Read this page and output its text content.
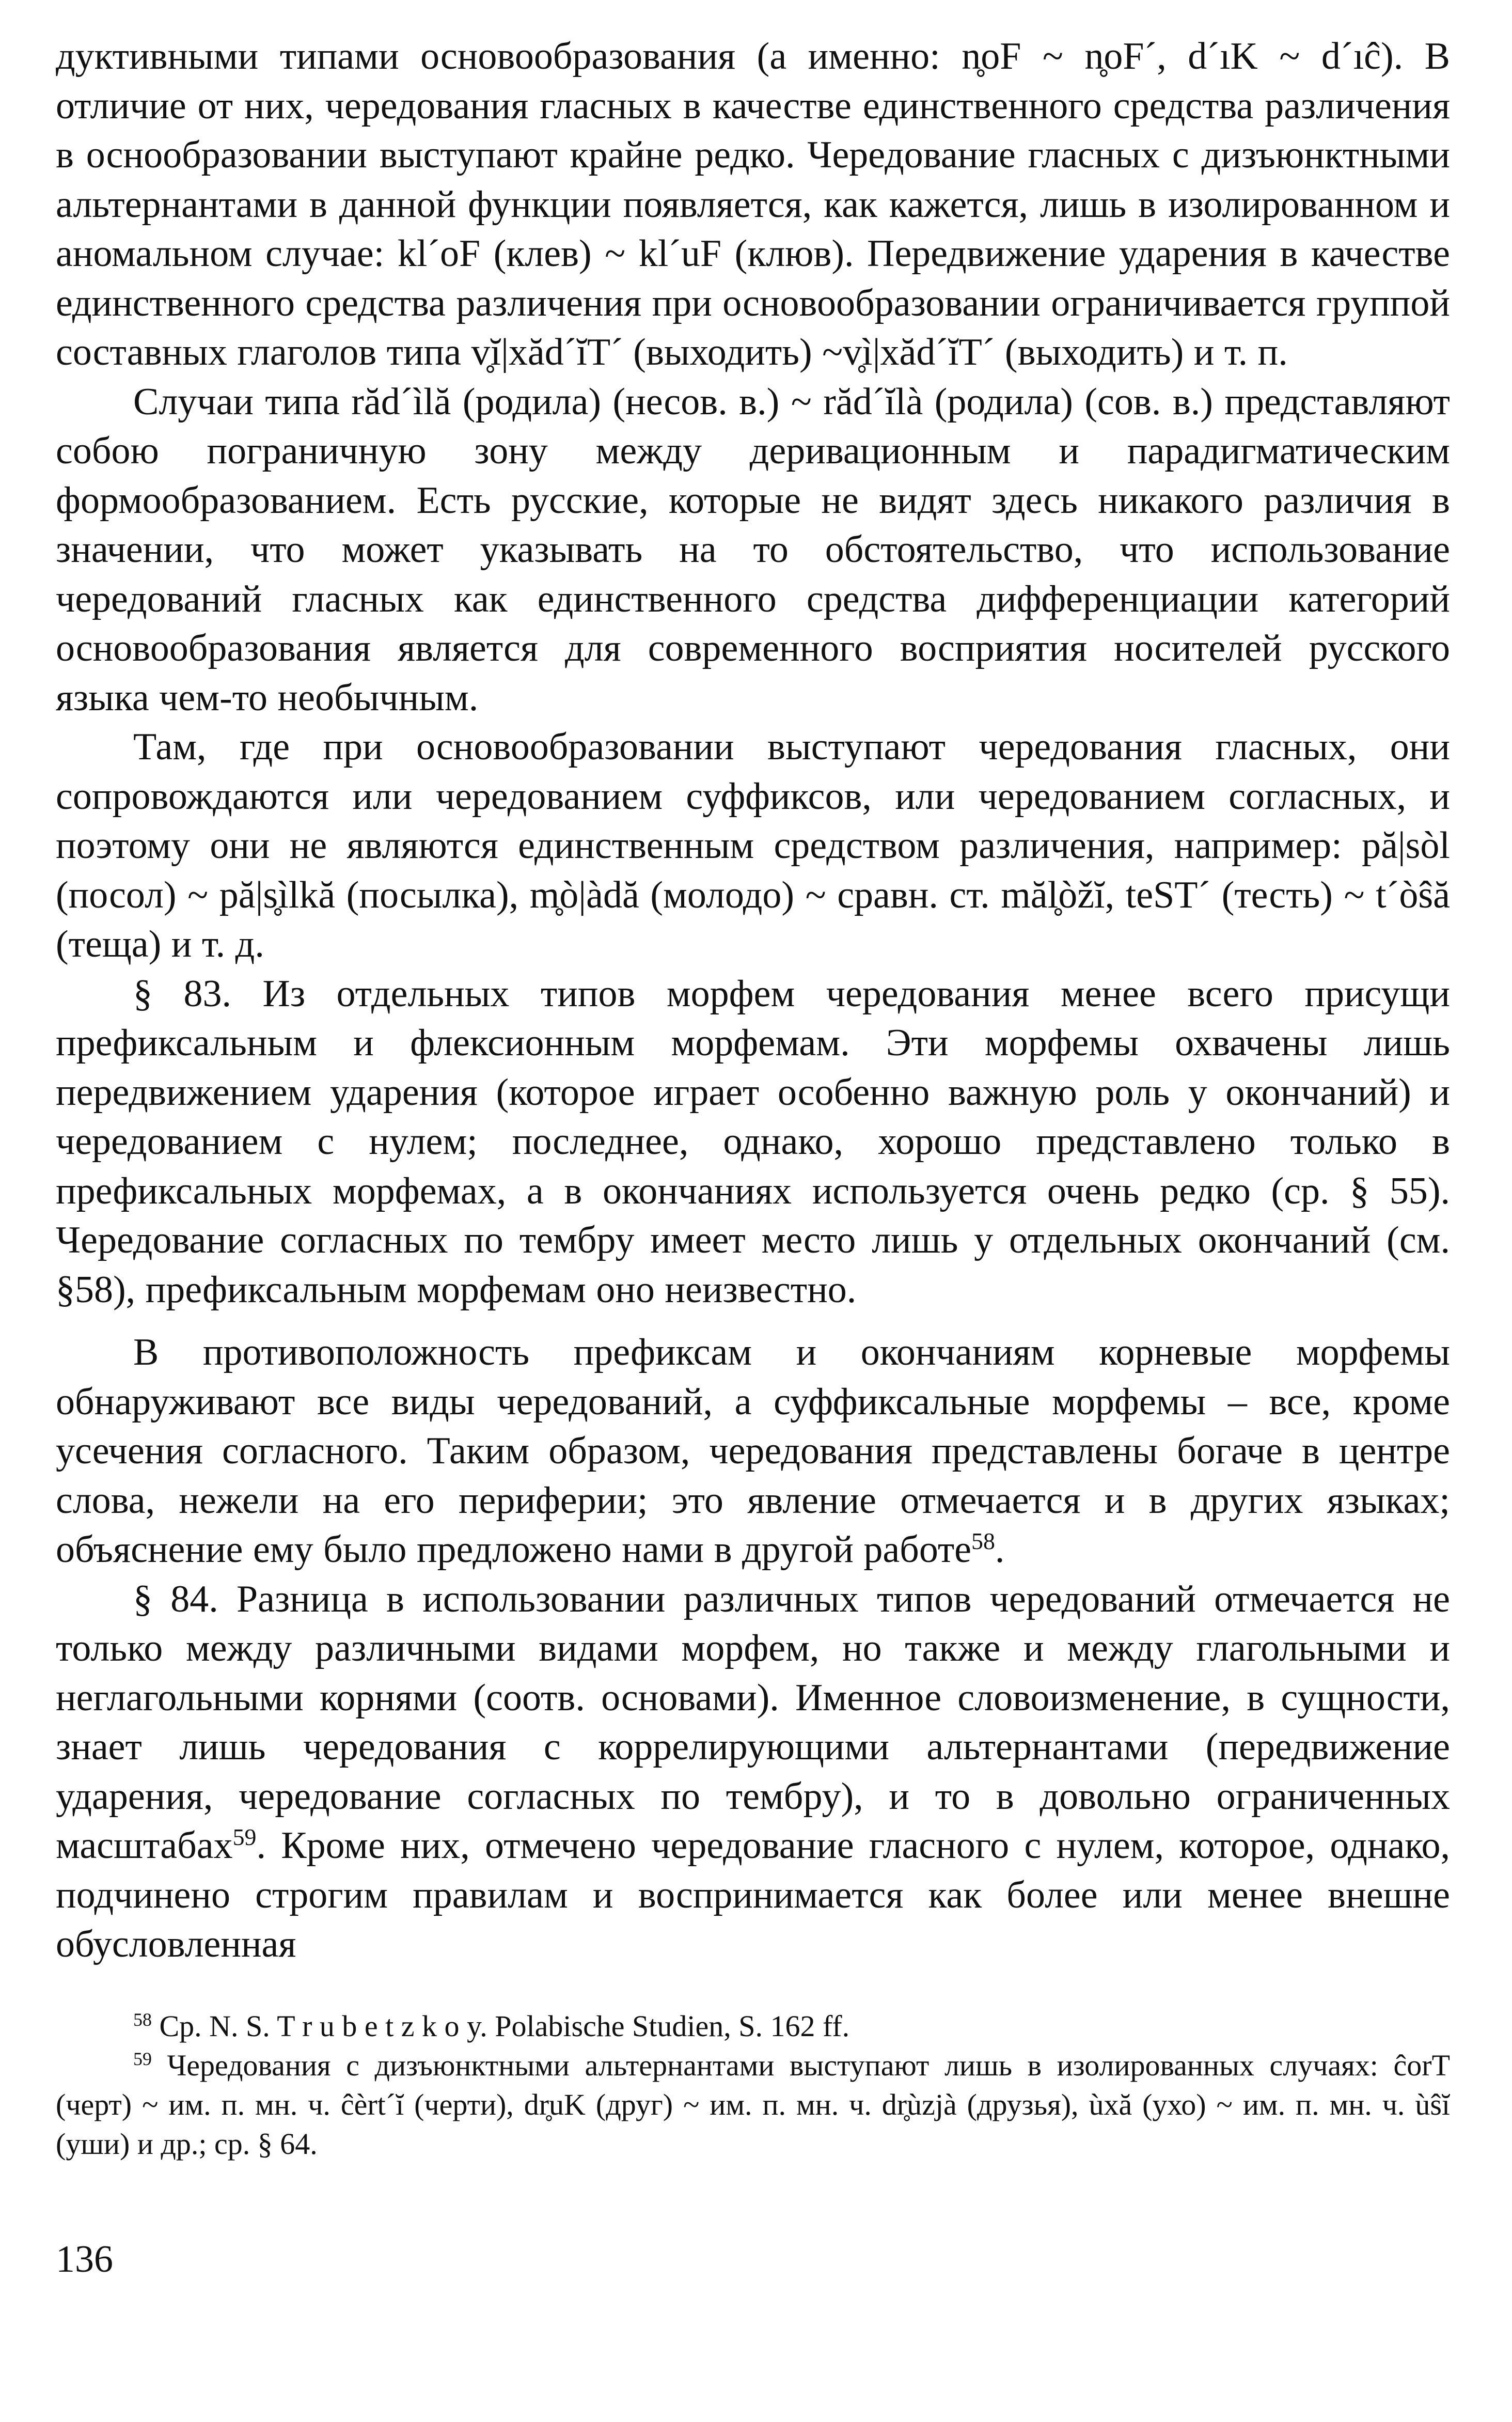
дуктивными типами основообразования (а именно: n̥oF ~ n̥oF´, d´ıK ~ d´ıĉ). В отличие от них, чередования гласных в качестве единственного средства различения в оснообразовании выступают крайне редко. Чередование гласных с дизъюнктными альтернантами в данной функции появляется, как кажется, лишь в изолированном и аномальном случае: kl´oF (клев) ~ kl´uF (клюв). Передвижение ударения в качестве единственного средства различения при основообразовании ограничивается группой составных глаголов типа v̥ĭ|xăd´ĭT´ (выходить) ~v̥ì|xăd´ĭT´ (выходить) и т. п.

Случаи типа răd´ìlă (родила) (несов. в.) ~ răd´ĭlà (родила) (сов. в.) представляют собою пограничную зону между деривационным и парадигматическим формообразованием. Есть русские, которые не видят здесь никакого различия в значении, что может указывать на то обстоятельство, что использование чередований гласных как единственного средства дифференциации категорий основообразования является для современного восприятия носителей русского языка чем-то необычным.

Там, где при основообразовании выступают чередования гласных, они сопровождаются или чередованием суффиксов, или чередованием согласных, и поэтому они не являются единственным средством различения, например: pă|sòl (посол) ~ pă|s̥ìlkă (посылка), m̥ò|àdă (молодо) ~ сравн. ст. măl̥òžĭ, teST´ (тесть) ~ t´òŝă (теща) и т. д.

§ 83. Из отдельных типов морфем чередования менее всего присущи префиксальным и флексионным морфемам. Эти морфемы охвачены лишь передвижением ударения (которое играет особенно важную роль у окончаний) и чередованием с нулем; последнее, однако, хорошо представлено только в префиксальных морфемах, а в окончаниях используется очень редко (ср. § 55). Чередование согласных по тембру имеет место лишь у отдельных окончаний (см. §58), префиксальным морфемам оно неизвестно.

В противоположность префиксам и окончаниям корневые морфемы обнаруживают все виды чередований, а суффиксальные морфемы – все, кроме усечения согласного. Таким образом, чередования представлены богаче в центре слова, нежели на его периферии; это явление отмечается и в других языках; объяснение ему было предложено нами в другой работе$^{58}$.

§ 84. Разница в использовании различных типов чередований отмечается не только между различными видами морфем, но также и между глагольными и неглагольными корнями (соотв. основами). Именное словоизменение, в сущности, знает лишь чередования с коррелирующими альтернантами (передвижение ударения, чередование согласных по тембру), и то в довольно ограниченных масштабах$^{59}$. Кроме них, отмечено чередование гласного с нулем, которое, однако, подчинено строгим правилам и воспринимается как более или менее внешне обусловленная

$^{58}$ Ср. N. S. T r u b e t z k o y. Polabische Studien, S. 162 ff.

$^{59}$ Чередования с дизъюнктными альтернантами выступают лишь в изолированных случаях: ĉorT (черт) ~ им. п. мн. ч. ĉèrt´ĭ (черти), dr̥uK (друг) ~ им. п. мн. ч. dr̥ùzjà (друзья), ùxă (ухо) ~ им. п. мн. ч. ùŝĭ (уши) и др.; ср. § 64.

136
